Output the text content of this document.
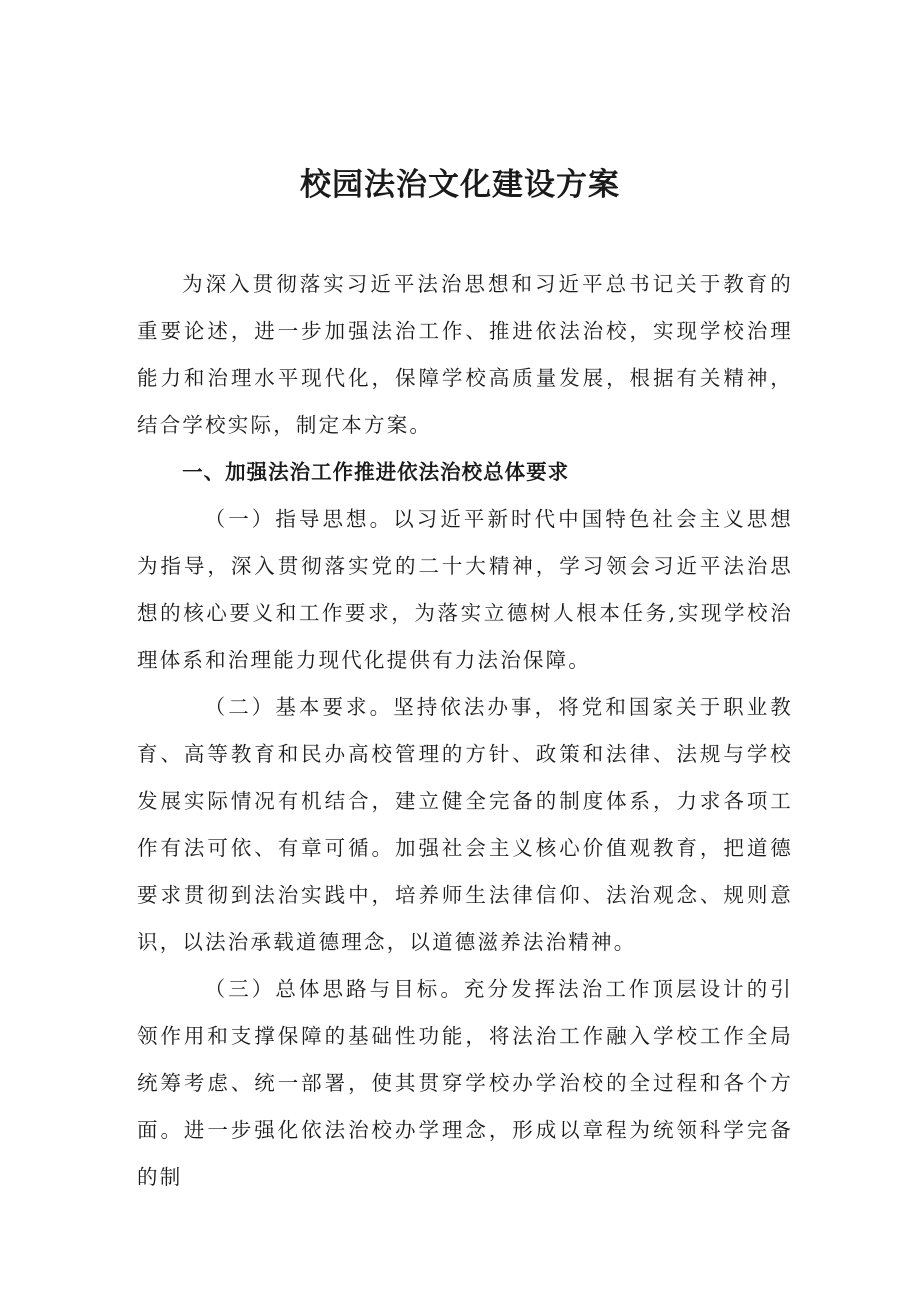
校园法治文化建设方案

为深入贯彻落实习近平法治思想和习近平总书记关于教育的重要论述，进一步加强法治工作、推进依法治校，实现学校治理能力和治理水平现代化，保障学校高质量发展，根据有关精神，结合学校实际，制定本方案。

一、加强法治工作推进依法治校总体要求

（一）指导思想。以习近平新时代中国特色社会主义思想为指导，深入贯彻落实党的二十大精神，学习领会习近平法治思想的核心要义和工作要求，为落实立德树人根本任务,实现学校治理体系和治理能力现代化提供有力法治保障。

（二）基本要求。坚持依法办事，将党和国家关于职业教育、高等教育和民办高校管理的方针、政策和法律、法规与学校发展实际情况有机结合，建立健全完备的制度体系，力求各项工作有法可依、有章可循。加强社会主义核心价值观教育，把道德要求贯彻到法治实践中，培养师生法律信仰、法治观念、规则意识，以法治承载道德理念，以道德滋养法治精神。

（三）总体思路与目标。充分发挥法治工作顶层设计的引领作用和支撑保障的基础性功能，将法治工作融入学校工作全局统筹考虑、统一部署，使其贯穿学校办学治校的全过程和各个方面。进一步强化依法治校办学理念，形成以章程为统领科学完备的制
